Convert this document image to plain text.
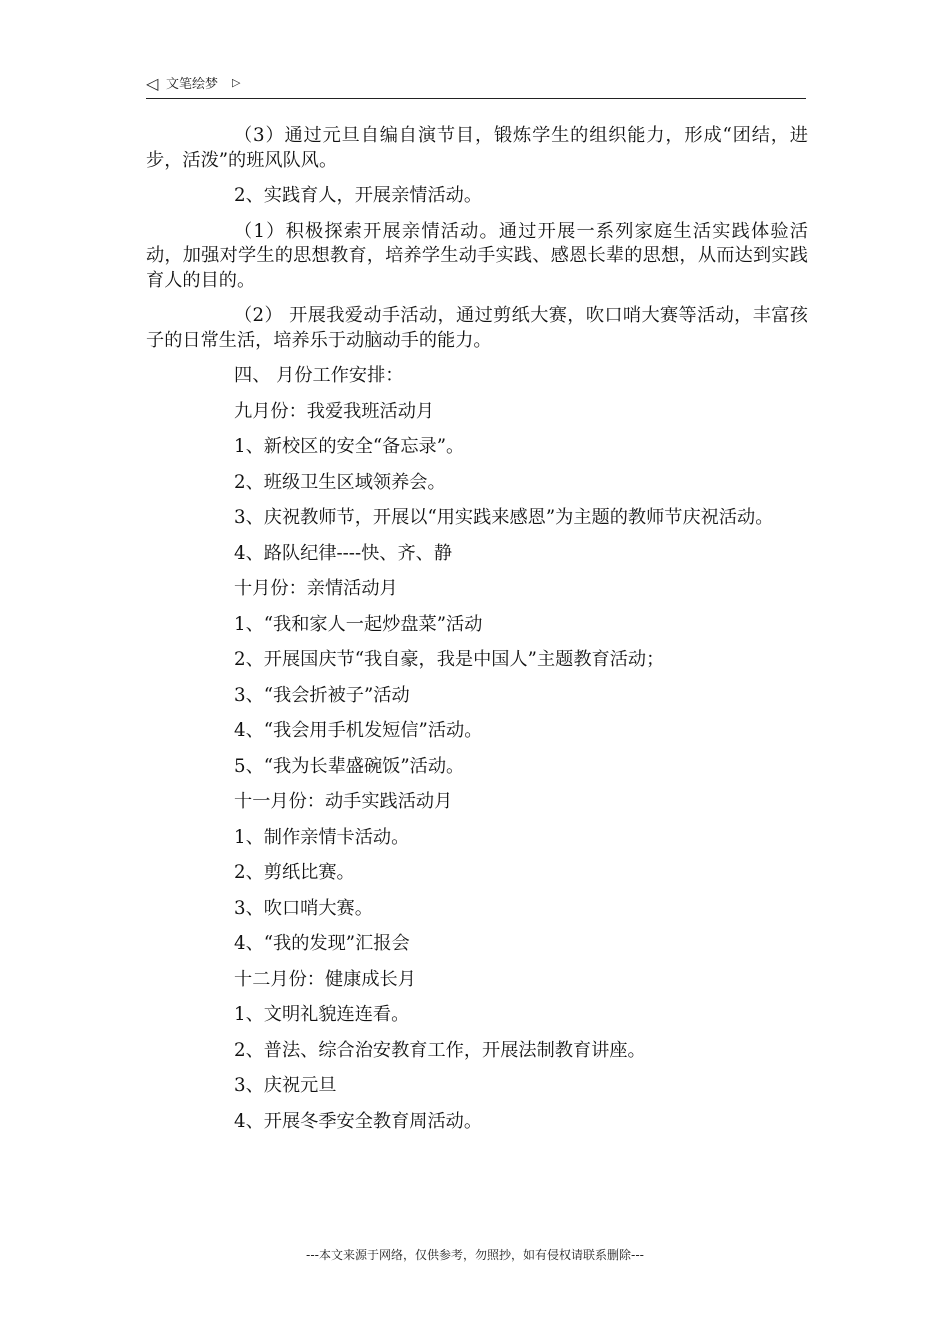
◁ 文笔绘梦 ▷

（3）通过元旦自编自演节目，锻炼学生的组织能力，形成“团结，进步，活泼”的班风队风。

2、实践育人，开展亲情活动。

（1）积极探索开展亲情活动。通过开展一系列家庭生活实践体验活动，加强对学生的思想教育，培养学生动手实践、感恩长辈的思想，从而达到实践育人的目的。

（2） 开展我爱动手活动，通过剪纸大赛，吹口哨大赛等活动，丰富孩子的日常生活，培养乐于动脑动手的能力。

四、 月份工作安排：

九月份：我爱我班活动月

1、新校区的安全“备忘录”。

2、班级卫生区域领养会。

3、庆祝教师节，开展以“用实践来感恩”为主题的教师节庆祝活动。

4、路队纪律----快、齐、静

十月份：亲情活动月

1、“我和家人一起炒盘菜”活动

2、开展国庆节“我自豪，我是中国人”主题教育活动；

3、“我会折被子”活动

4、“我会用手机发短信”活动。

5、“我为长辈盛碗饭”活动。

十一月份：动手实践活动月

1、制作亲情卡活动。

2、剪纸比赛。

3、吹口哨大赛。

4、“我的发现”汇报会

十二月份：健康成长月

1、文明礼貌连连看。

2、普法、综合治安教育工作，开展法制教育讲座。

3、庆祝元旦

4、开展冬季安全教育周活动。

---本文来源于网络，仅供参考，勿照抄，如有侵权请联系删除---
